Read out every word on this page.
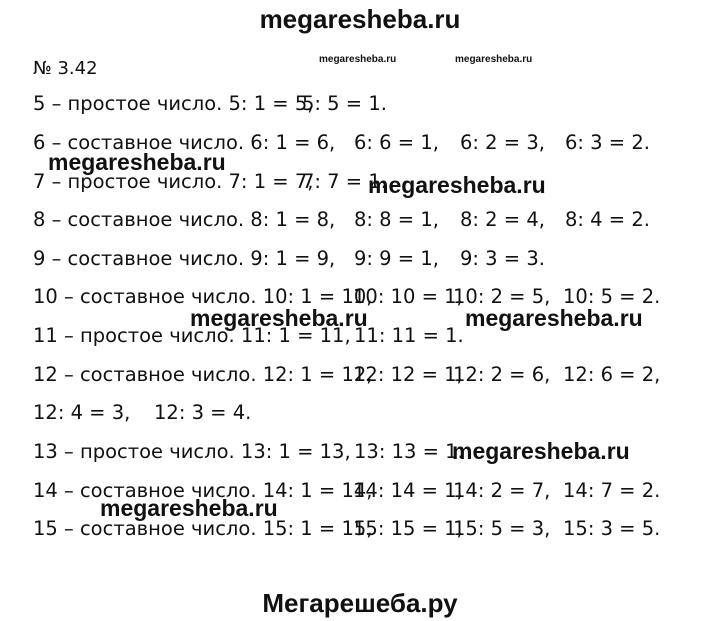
megaresheba.ru
№ 3.42	megaresheba.ru	megaresheba.ru
5 – простое число. 5: 1 = 5,
5: 5 = 1.
6 – составное число. 6: 1 = 6, 6: 6 = 1, 6: 2 = 3, 6: 3 = 2.
7 – простое число. 7: 1 = 7,
7: 7 = 1.
8 – составное число. 8: 1 = 8, 8: 8 = 1, 8: 2 = 4, 8: 4 = 2.
9 – составное число. 9: 1 = 9, 9: 9 = 1, 9: 3 = 3.
10 – составное число. 10: 1 = 10,
10: 10 = 1,
10: 2 = 5, 10: 5 = 2.
11 – простое число. 11: 1 = 11, 11: 11 = 1.
12 – составное число. 12: 1 = 12,
12: 12 = 1,
12: 2 = 6, 12: 6 = 2,
12: 4 = 3, 12: 3 = 4.
13 – простое число. 13: 1 = 13, 13: 13 = 1.
14 – составное число. 14: 1 = 14,
14: 14 = 1,
14: 2 = 7, 14: 7 = 2.
15 – составное число. 15: 1 = 15,
15: 15 = 1,
15: 5 = 3, 15: 3 = 5.
megaresheba.ru
megaresheba.ru
megaresheba.ru	megaresheba.ru
megaresheba.ru
megaresheba.ru
Мегарешеба.ру
